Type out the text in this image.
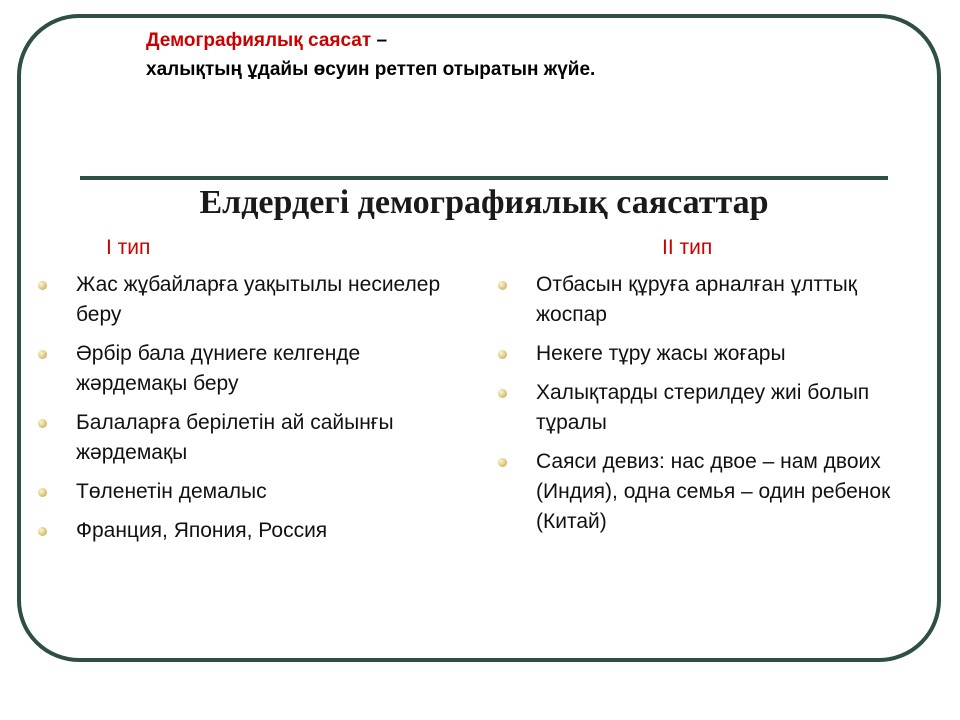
Демографиялық саясат –
халықтың ұдайы өсуин реттеп отыратын жүйе.
Елдердегі демографиялық саясаттар
I тип	II тип
Жас жұбайларға уақытылы несиелер беру
Әрбір бала дүниеге келгенде жәрдемақы беру
Балаларға берілетін ай сайынғы жәрдемақы
Төленетін демалыс
Франция, Япония, Россия
Отбасын құруға арналған ұлттық жоспар
Некеге тұру жасы жоғары
Халықтарды стерилдеу жиі болып тұралы
Саяси девиз: нас двое – нам двоих (Индия), одна семья – один ребенок (Китай)
